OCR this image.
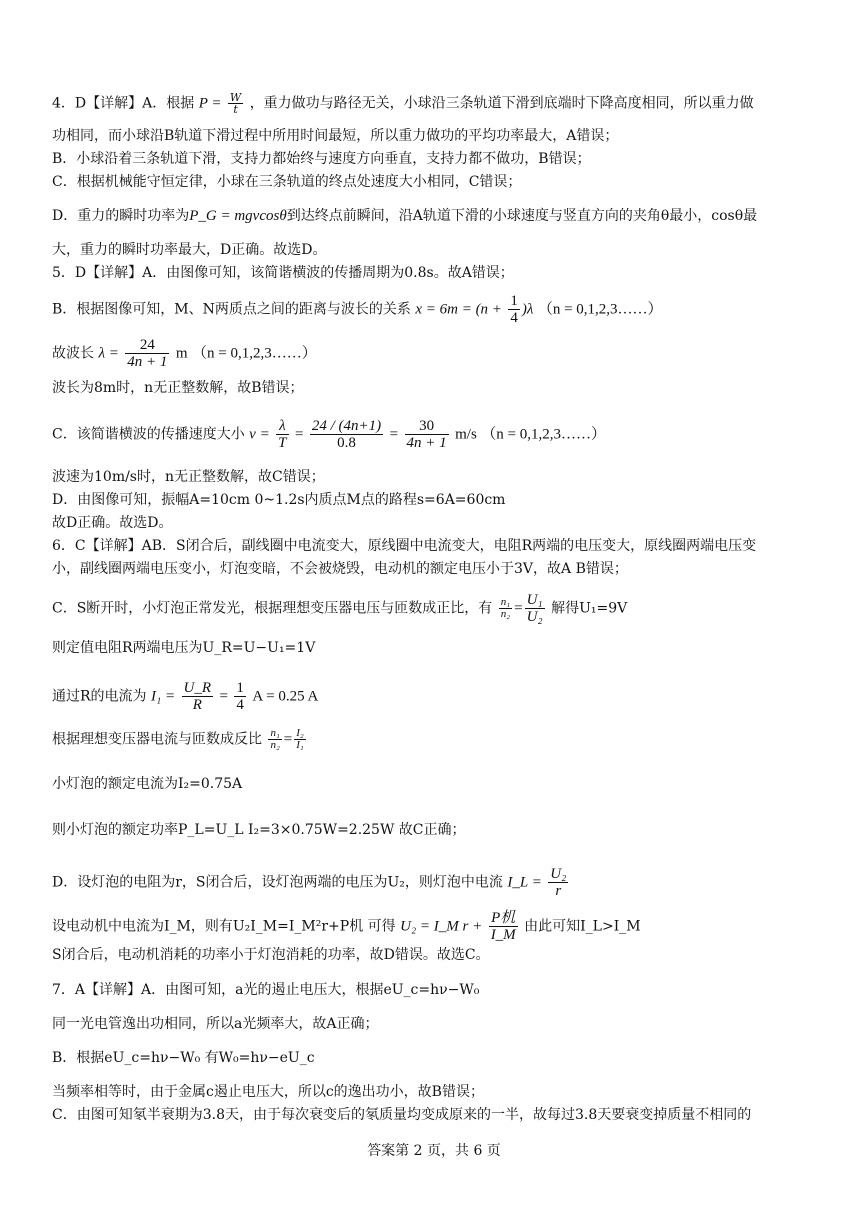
4．D【详解】A．根据 $P = \frac{W}{t}$ ，重力做功与路径无关，小球沿三条轨道下滑到底端时下降高度相同，所以重力做
功相同，而小球沿B轨道下滑过程中所用时间最短，所以重力做功的平均功率最大，A错误；
B．小球沿着三条轨道下滑，支持力都始终与速度方向垂直，支持力都不做功，B错误；
C．根据机械能守恒定律，小球在三条轨道的终点处速度大小相同，C错误；
D．重力的瞬时功率为P_G = mgvcosθ到达终点前瞬间，沿A轨道下滑的小球速度与竖直方向的夹角θ最小，cosθ最
大，重力的瞬时功率最大，D正确。故选D。
5．D【详解】A．由图像可知，该简谐横波的传播周期为0.8s。故A错误；
B．根据图像可知，M、N两质点之间的距离与波长的关系 $x = 6m = (n + \frac{1}{4} )\lambda$ （n = 0,1,2,3……）
故波长 $\lambda = \frac{24}{4n + 1}$ m （n = 0,1,2,3……）
波长为8m时，n无正整数解，故B错误；
C．该简谐横波的传播速度大小 $v = \frac{\lambda}{T} = \frac{24 / (4n+1)}{0.8} = \frac{30}{4n + 1} m/s$ （n = 0,1,2,3……）
波速为10m/s时，n无正整数解，故C错误；
D．由图像可知，振幅A=10cm 0~1.2s内质点M点的路程s=6A=60cm
故D正确。故选D。
6．C【详解】AB．S闭合后，副线圈中电流变大，原线圈中电流变大，电阻R两端的电压变大，原线圈两端电压变
小，副线圈两端电压变小，灯泡变暗，不会被烧毁，电动机的额定电压小于3V，故A B错误；
C．S断开时，小灯泡正常发光，根据理想变压器电压与匝数成正比，有 $\frac{\text{n₁}}{\text{n₂}} = \frac{\text{U₁}}{\text{U₂}}$ 解得U₁=9V
则定值电阻R两端电压为U_R=U−U₁=1V
通过R的电流为 $I_1 = \frac{U\_R}{R} = \frac{1}{4}$ A = 0.25 A
根据理想变压器电流与匝数成反比 $\frac{\text{n₁}}{\text{n₂}} = \frac{\text{I₂}}{\text{I₁}}$
小灯泡的额定电流为I₂=0.75A
则小灯泡的额定功率P_L=U_L I₂=3×0.75W=2.25W 故C正确；
D．设灯泡的电阻为r，S闭合后，设灯泡两端的电压为U₂，则灯泡中电流 I_L = $\frac{\text{U₂}}{r}$
设电动机中电流为I_M，则有U₂I_M=I_M²r+P机 可得 U₂ = I_M $r + \frac{\text{P机}}{I\_M}$ 由此可知I_L>I_M
S闭合后，电动机消耗的功率小于灯泡消耗的功率，故D错误。故选C。
7．A【详解】A．由图可知，a光的遏止电压大，根据eU_c=hν−W₀
同一光电管逸出功相同，所以a光频率大，故A正确；
B．根据eU_c=hν−W₀ 有W₀=hν−eU_c
当频率相等时，由于金属c遏止电压大，所以c的逸出功小，故B错误；
C．由图可知氡半衰期为3.8天，由于每次衰变后的氡质量均变成原来的一半，故每过3.8天要衰变掉质量不相同的
答案第 2 页，共 6 页
